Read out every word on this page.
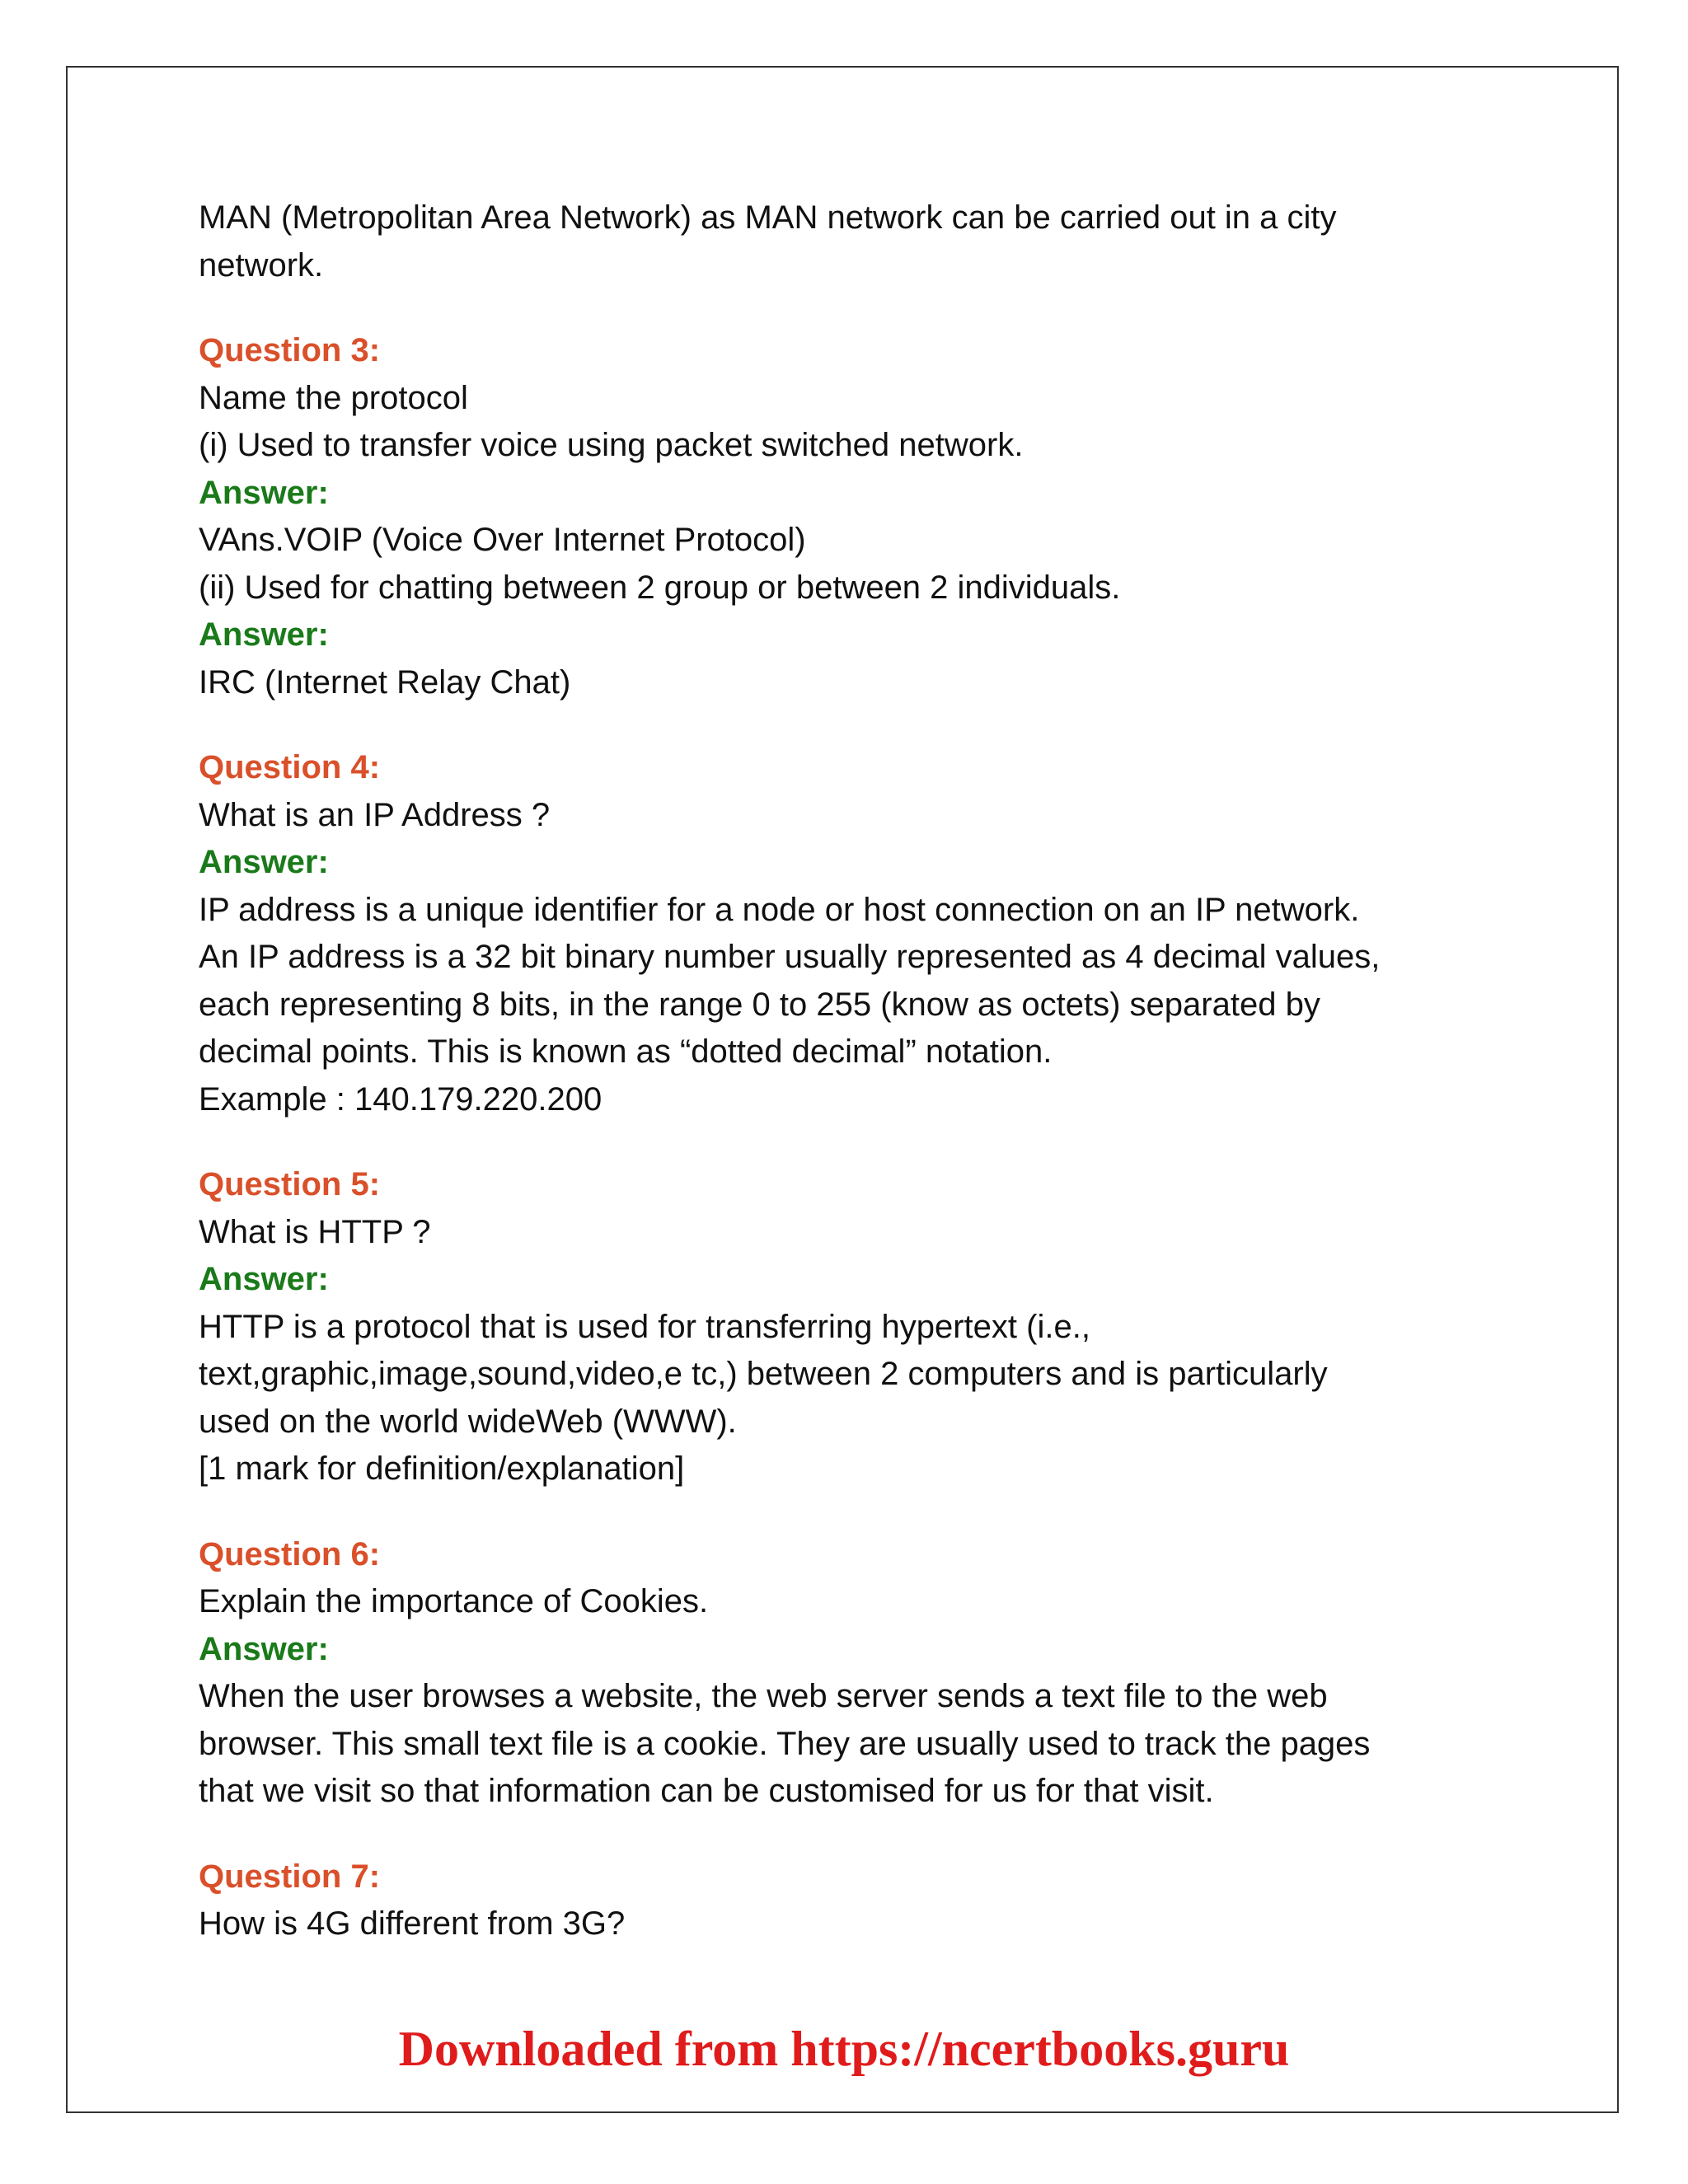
MAN (Metropolitan Area Network) as MAN network can be carried out in a city
network.
Question 3:
Name the protocol
(i) Used to transfer voice using packet switched network.
Answer:
VAns.VOIP (Voice Over Internet Protocol)
(ii) Used for chatting between 2 group or between 2 individuals.
Answer:
IRC (Internet Relay Chat)
Question 4:
What is an IP Address ?
Answer:
IP address is a unique identifier for a node or host connection on an IP network.
An IP address is a 32 bit binary number usually represented as 4 decimal values,
each representing 8 bits, in the range 0 to 255 (know as octets) separated by
decimal points. This is known as “dotted decimal” notation.
Example : 140.179.220.200
Question 5:
What is HTTP ?
Answer:
HTTP is a protocol that is used for transferring hypertext (i.e.,
text,graphic,image,sound,video,e tc,) between 2 computers and is particularly
used on the world wideWeb (WWW).
[1 mark for definition/explanation]
Question 6:
Explain the importance of Cookies.
Answer:
When the user browses a website, the web server sends a text file to the web
browser. This small text file is a cookie. They are usually used to track the pages
that we visit so that information can be customised for us for that visit.
Question 7:
How is 4G different from 3G?
Downloaded from https://ncertbooks.guru
